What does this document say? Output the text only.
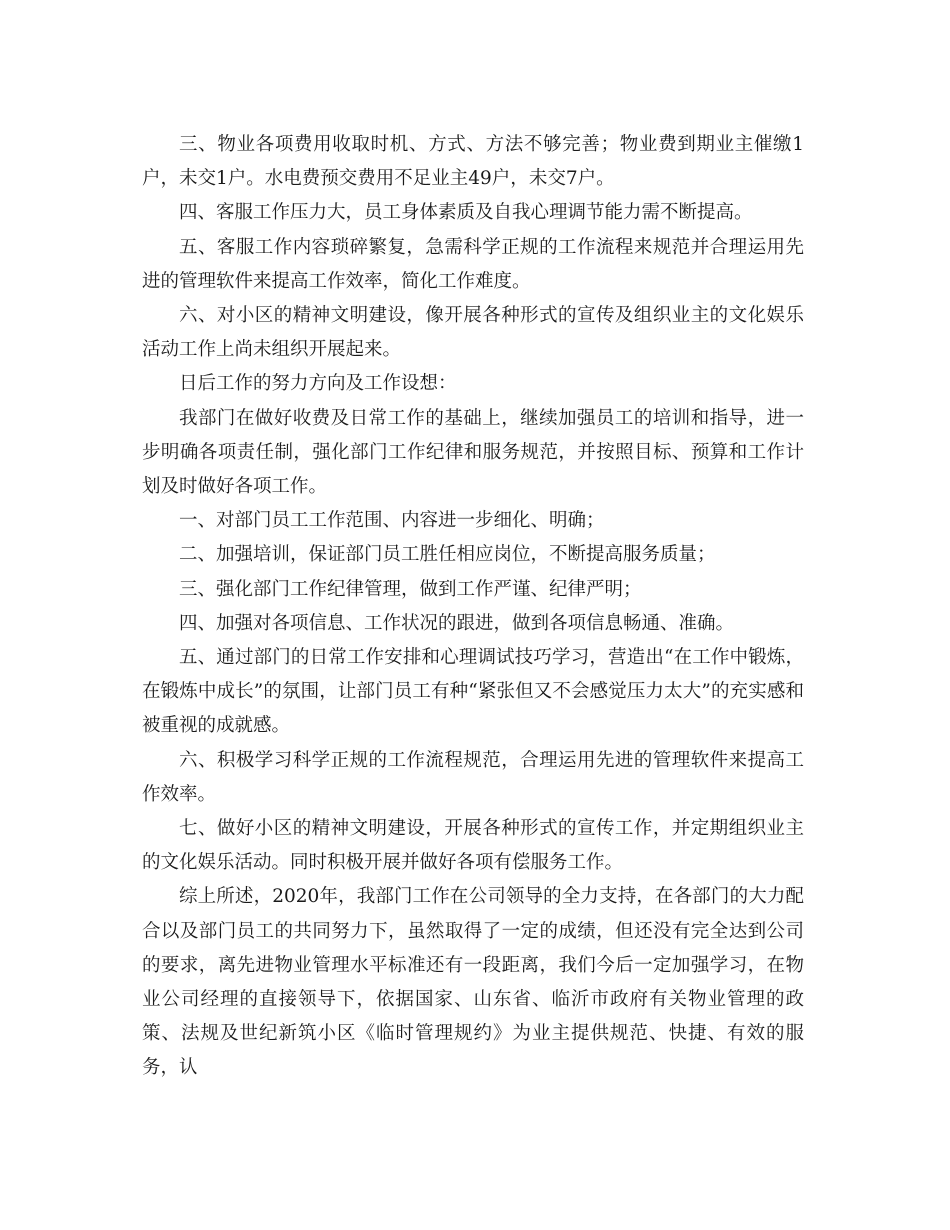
三、物业各项费用收取时机、方式、方法不够完善；物业费到期业主催缴1户，未交1户。水电费预交费用不足业主49户，未交7户。

四、客服工作压力大，员工身体素质及自我心理调节能力需不断提高。

五、客服工作内容琐碎繁复，急需科学正规的工作流程来规范并合理运用先进的管理软件来提高工作效率，简化工作难度。

六、对小区的精神文明建设，像开展各种形式的宣传及组织业主的文化娱乐活动工作上尚未组织开展起来。

日后工作的努力方向及工作设想：

我部门在做好收费及日常工作的基础上，继续加强员工的培训和指导，进一步明确各项责任制，强化部门工作纪律和服务规范，并按照目标、预算和工作计划及时做好各项工作。

一、对部门员工工作范围、内容进一步细化、明确；

二、加强培训，保证部门员工胜任相应岗位，不断提高服务质量；

三、强化部门工作纪律管理，做到工作严谨、纪律严明；

四、加强对各项信息、工作状况的跟进，做到各项信息畅通、准确。

五、通过部门的日常工作安排和心理调试技巧学习，营造出“在工作中锻炼，在锻炼中成长”的氛围，让部门员工有种“紧张但又不会感觉压力太大”的充实感和被重视的成就感。

六、积极学习科学正规的工作流程规范，合理运用先进的管理软件来提高工作效率。

七、做好小区的精神文明建设，开展各种形式的宣传工作，并定期组织业主的文化娱乐活动。同时积极开展并做好各项有偿服务工作。

综上所述，2020年，我部门工作在公司领导的全力支持，在各部门的大力配合以及部门员工的共同努力下，虽然取得了一定的成绩，但还没有完全达到公司的要求，离先进物业管理水平标准还有一段距离，我们今后一定加强学习，在物业公司经理的直接领导下，依据国家、山东省、临沂市政府有关物业管理的政策、法规及世纪新筑小区《临时管理规约》为业主提供规范、快捷、有效的服务，认
